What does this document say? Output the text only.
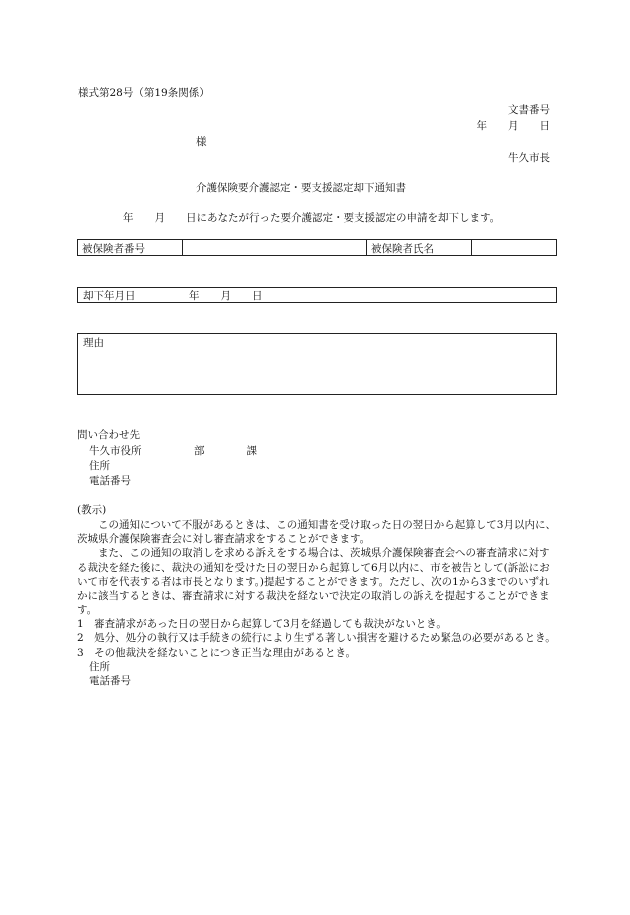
様式第28号（第19条関係）
文書番号
年　　月　　日
様
牛久市長
介護保険要介護認定・要支援認定却下通知書
年　　月　　日にあなたが行った要介護認定・要支援認定の申請を却下します。
被保険者番号	被保険者氏名
却下年月日	年　　月　　日
理由
問い合わせ先
牛久市役所　　　　　部　　　　課
住所
電話番号
(教示)

この通知について不服があるときは、この通知書を受け取った日の翌日から起算して3月以内に、茨城県介護保険審査会に対し審査請求をすることができます。

また、この通知の取消しを求める訴えをする場合は、茨城県介護保険審査会への審査請求に対する裁決を経た後に、裁決の通知を受けた日の翌日から起算して6月以内に、市を被告として(訴訟において市を代表する者は市長となります。)提起することができます。ただし、次の1から3までのいずれかに該当するときは、審査請求に対する裁決を経ないで決定の取消しの訴えを提起することができます。

1　審査請求があった日の翌日から起算して3月を経過しても裁決がないとき。

2　処分、処分の執行又は手続きの続行により生ずる著しい損害を避けるため緊急の必要があるとき。

3　その他裁決を経ないことにつき正当な理由があるとき。

住所

電話番号
